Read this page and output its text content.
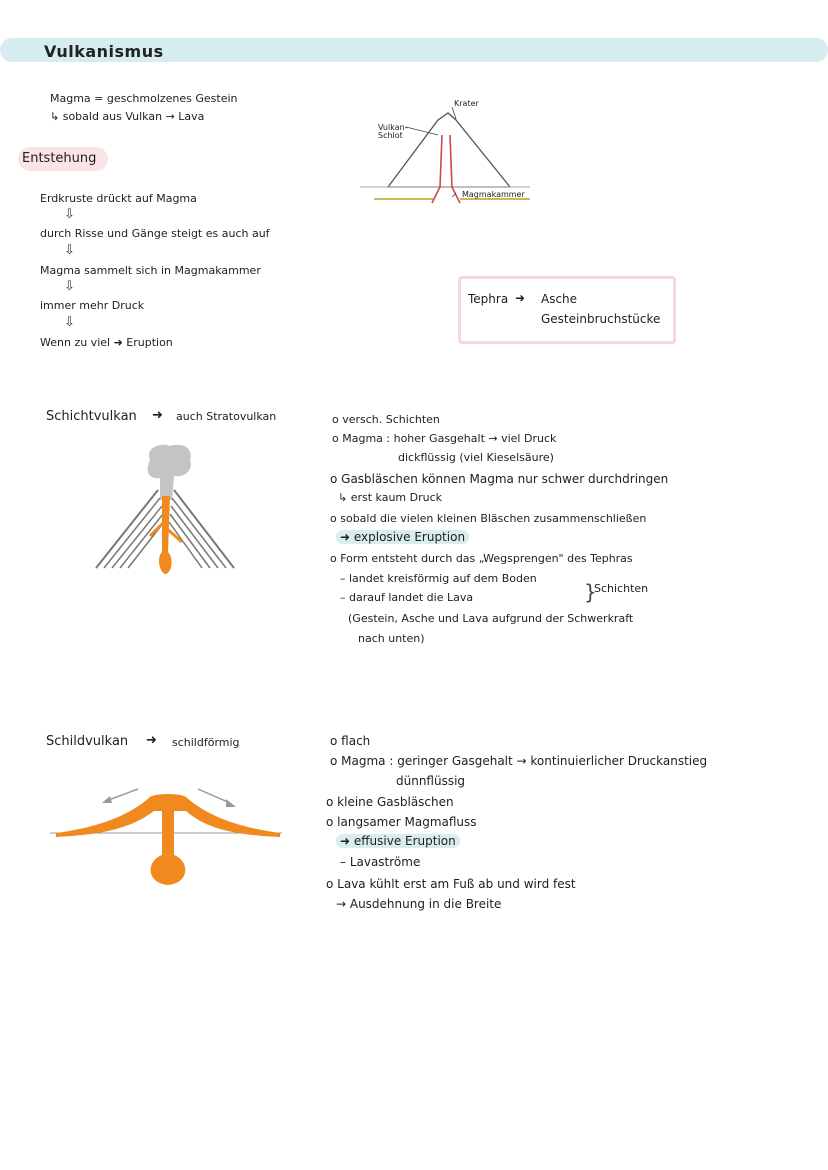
Vulkanismus
Magma = geschmolzenes Gestein
↳ sobald aus Vulkan → Lava
Entstehung
Erdkruste drückt auf Magma
⇩
durch Risse und Gänge steigt es auch auf
⇩
Magma sammelt sich in Magmakammer
⇩
immer mehr Druck
⇩
Wenn zu viel ➜ Eruption
Krater
Vulkan-
Schlot
Magmakammer
Tephra ➜ Asche
Gesteinbruchstücke
Schichtvulkan ➜ auch Stratovulkan	o versch. Schichten
o Magma : hoher Gasgehalt → viel Druck
dickflüssig (viel Kieselsäure)
o Gasbläschen können Magma nur schwer durchdringen
↳ erst kaum Druck
o sobald die vielen kleinen Bläschen zusammenschließen
➜ explosive Eruption
o Form entsteht durch das „Wegsprengen" des Tephras
– landet kreisförmig auf dem Boden
– darauf landet die Lava	}
Schichten
(Gestein, Asche und Lava aufgrund der Schwerkraft
nach unten)
Schildvulkan ➜ schildförmig	o flach
o Magma : geringer Gasgehalt → kontinuierlicher Druckanstieg
dünnflüssig
o kleine Gasbläschen
o langsamer Magmafluss
➜ effusive Eruption
– Lavaströme
o Lava kühlt erst am Fuß ab und wird fest
→ Ausdehnung in die Breite
